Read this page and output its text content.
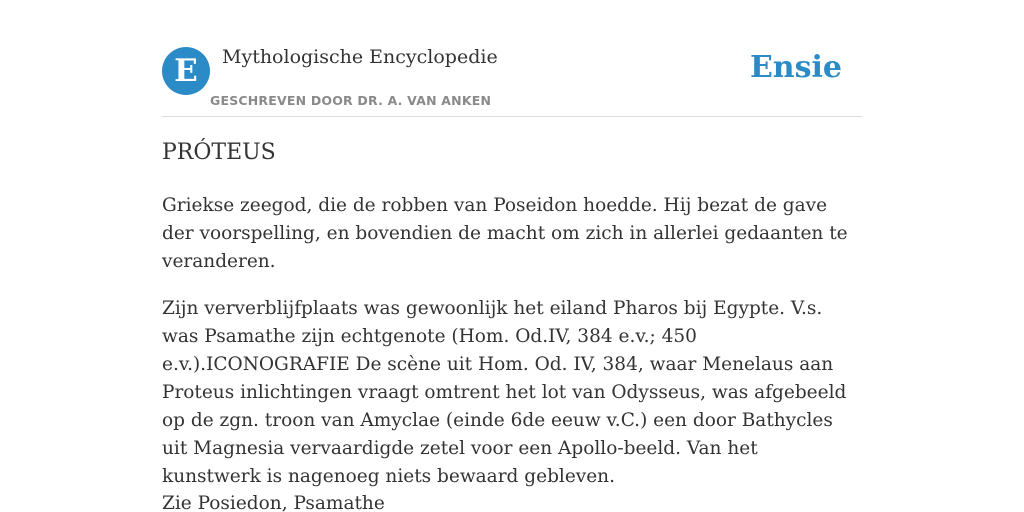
E	Mythologische Encyclopedie
GESCHREVEN DOOR DR. A. VAN ANKEN
Ensie
PRÓTEUS

Griekse zeegod, die de robben van Poseidon hoedde. Hij bezat de gave der voorspelling, en bovendien de macht om zich in allerlei gedaanten te veranderen.

Zijn ververblijfplaats was gewoonlijk het eiland Pharos bij Egypte. V.s. was Psamathe zijn echtgenote (Hom. Od.IV, 384 e.v.; 450 e.v.).ICONOGRAFIE De scène uit Hom. Od. IV, 384, waar Menelaus aan Proteus inlichtingen vraagt omtrent het lot van Odysseus, was afgebeeld op de zgn. troon van Amyclae (einde 6de eeuw v.C.) een door Bathycles uit Magnesia vervaardigde zetel voor een Apollo-beeld. Van het kunstwerk is nagenoeg niets bewaard gebleven.

Zie Posiedon, Psamathe
